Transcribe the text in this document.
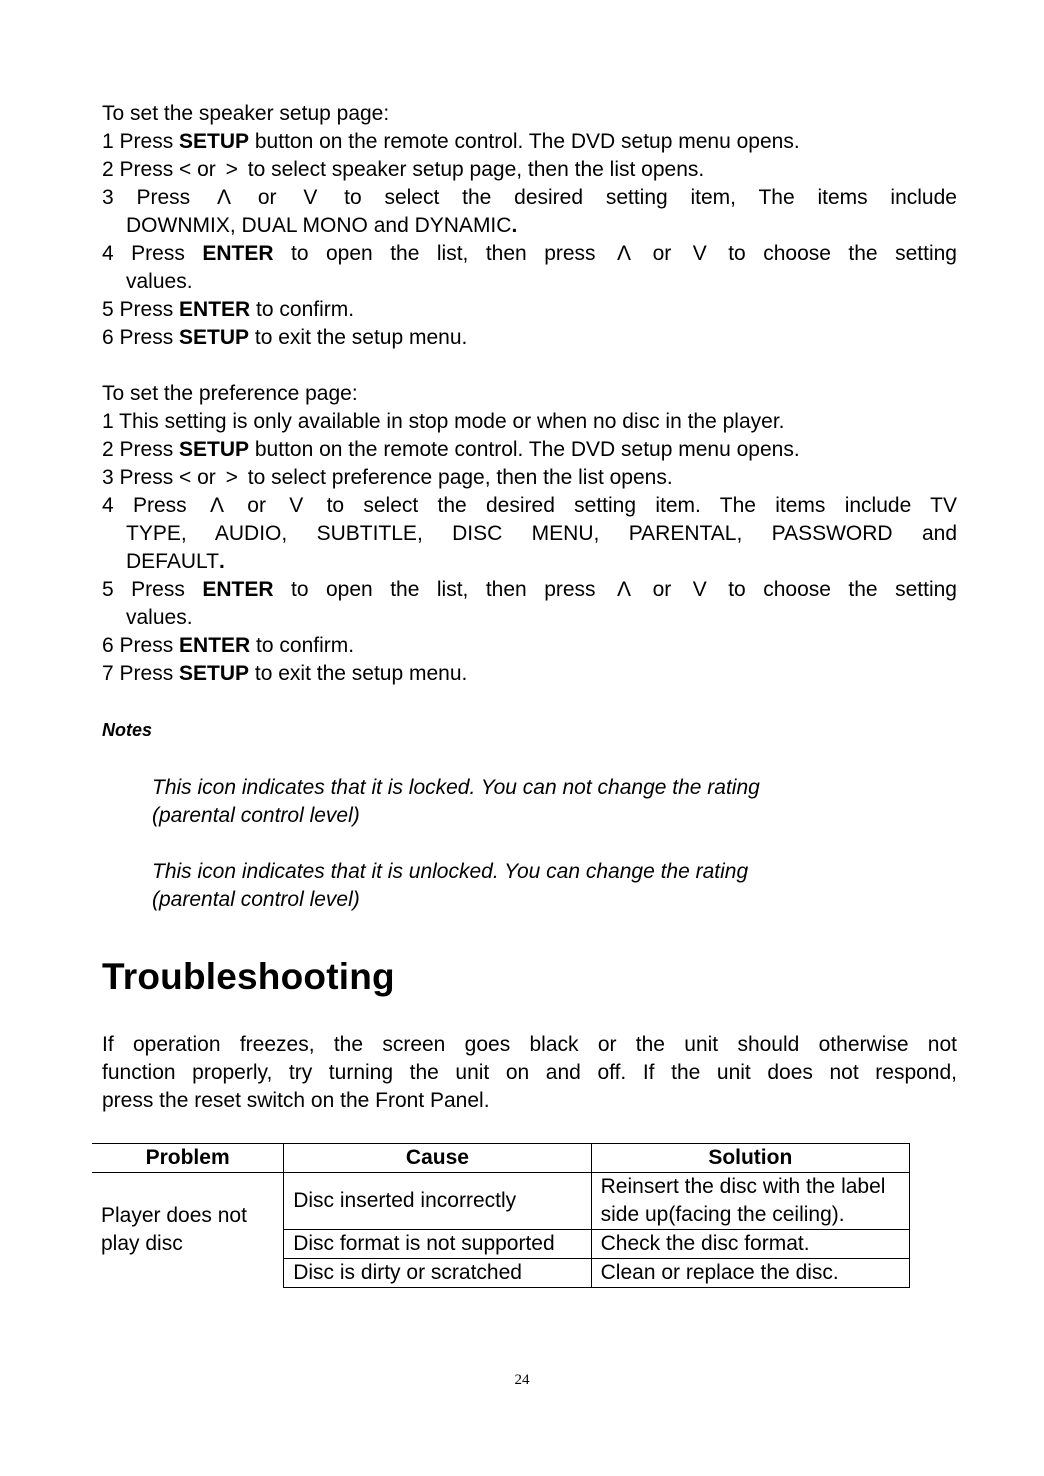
To set the speaker setup page:
1 Press SETUP button on the remote control. The DVD setup menu opens.
2 Press < or > to select speaker setup page, then the list opens.
3 Press Λ or V to select the desired setting item, The items include
DOWNMIX, DUAL MONO and DYNAMIC.
4 Press ENTER to open the list, then press Λ or V to choose the setting
values.
5 Press ENTER to confirm.
6 Press SETUP to exit the setup menu.
To set the preference page:
1 This setting is only available in stop mode or when no disc in the player.
2 Press SETUP button on the remote control. The DVD setup menu opens.
3 Press < or > to select preference page, then the list opens.
4 Press Λ or V to select the desired setting item. The items include TV
TYPE, AUDIO, SUBTITLE, DISC MENU, PARENTAL, PASSWORD and
DEFAULT.
5 Press ENTER to open the list, then press Λ or V to choose the setting
values.
6 Press ENTER to confirm.
7 Press SETUP to exit the setup menu.
Notes
This icon indicates that it is locked. You can not change the rating
(parental control level)
This icon indicates that it is unlocked. You can change the rating
(parental control level)
Troubleshooting
If operation freezes, the screen goes black or the unit should otherwise not
function properly, try turning the unit on and off. If the unit does not respond,
press the reset switch on the Front Panel.
Problem	Cause	Solution
Player does not play disc	Disc inserted incorrectly	Reinsert the disc with the label side up(facing the ceiling).
	Disc format is not supported	Check the disc format.
	Disc is dirty or scratched	Clean or replace the disc.
24
